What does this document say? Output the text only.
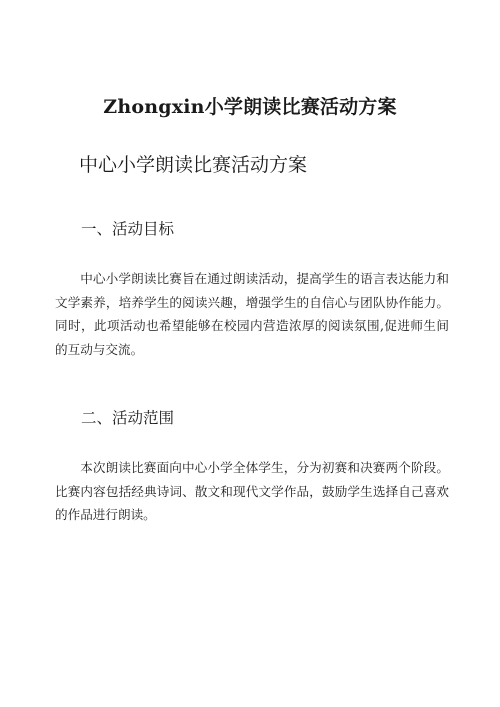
Zhongxin小学朗读比赛活动方案
中心小学朗读比赛活动方案
一、活动目标

中心小学朗读比赛旨在通过朗读活动，提高学生的语言表达能力和文学素养，培养学生的阅读兴趣，增强学生的自信心与团队协作能力。同时，此项活动也希望能够在校园内营造浓厚的阅读氛围,促进师生间的互动与交流。

二、活动范围

本次朗读比赛面向中心小学全体学生，分为初赛和决赛两个阶段。比赛内容包括经典诗词、散文和现代文学作品，鼓励学生选择自己喜欢的作品进行朗读。
